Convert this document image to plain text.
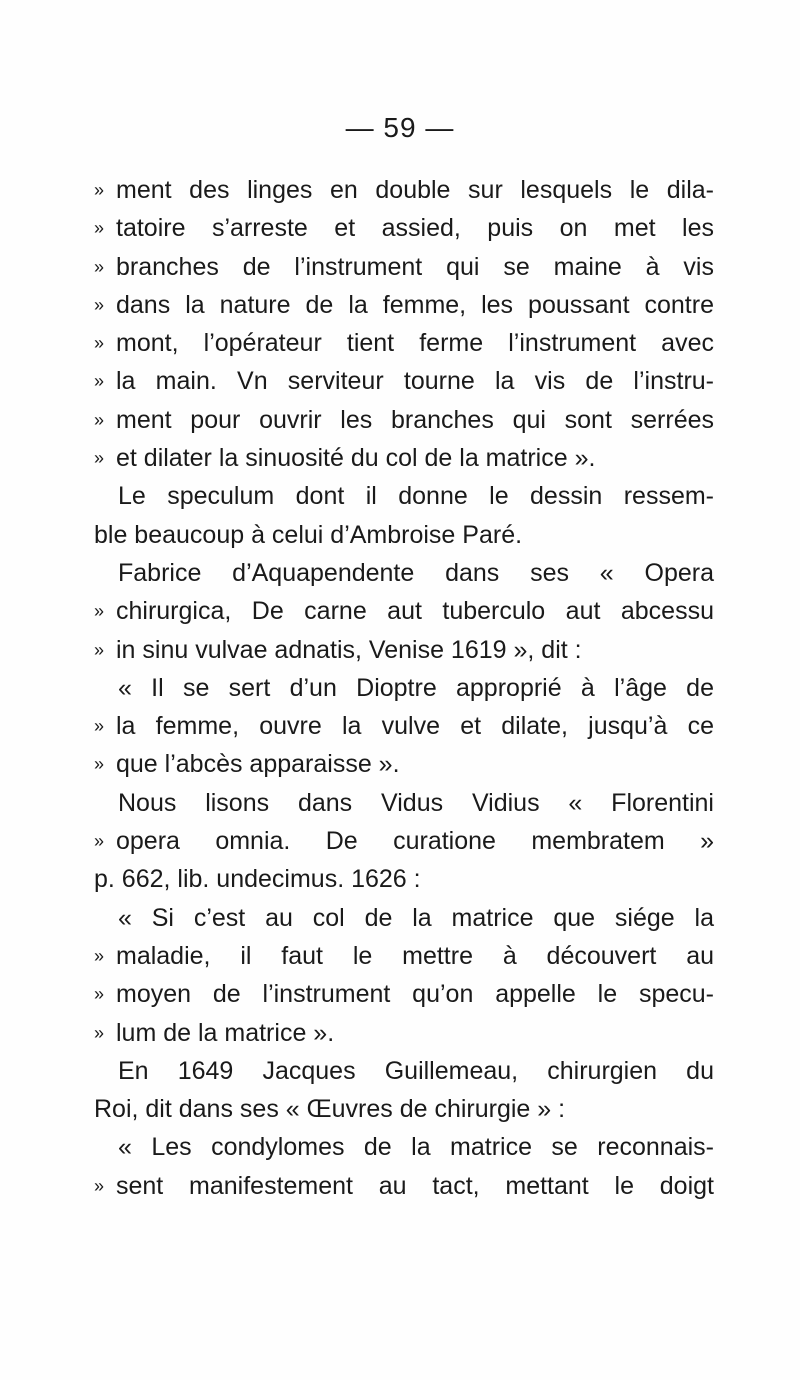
— 59 —
» ment des linges en double sur lesquels le dila-
» tatoire s’arreste et assied, puis on met les
» branches de l’instrument qui se maine à vis
» dans la nature de la femme, les poussant contre
» mont, l’opérateur tient ferme l’instrument avec
» la main. Vn serviteur tourne la vis de l’instru-
» ment pour ouvrir les branches qui sont serrées
» et dilater la sinuosité du col de la matrice ».
Le speculum dont il donne le dessin ressem-
ble beaucoup à celui d’Ambroise Paré.
Fabrice d’Aquapendente dans ses « Opera
» chirurgica, De carne aut tuberculo aut abcessu
» in sinu vulvae adnatis, Venise 1619 », dit :
« Il se sert d’un Dioptre approprié à l’âge de
» la femme, ouvre la vulve et dilate, jusqu’à ce
» que l’abcès apparaisse ».
Nous lisons dans Vidus Vidius « Florentini
» opera omnia. De curatione membratem »
p. 662, lib. undecimus. 1626 :
« Si c’est au col de la matrice que siége la
» maladie, il faut le mettre à découvert au
» moyen de l’instrument qu’on appelle le specu-
» lum de la matrice ».
En 1649 Jacques Guillemeau, chirurgien du
Roi, dit dans ses « Œuvres de chirurgie » :
« Les condylomes de la matrice se reconnais-
» sent manifestement au tact, mettant le doigt
